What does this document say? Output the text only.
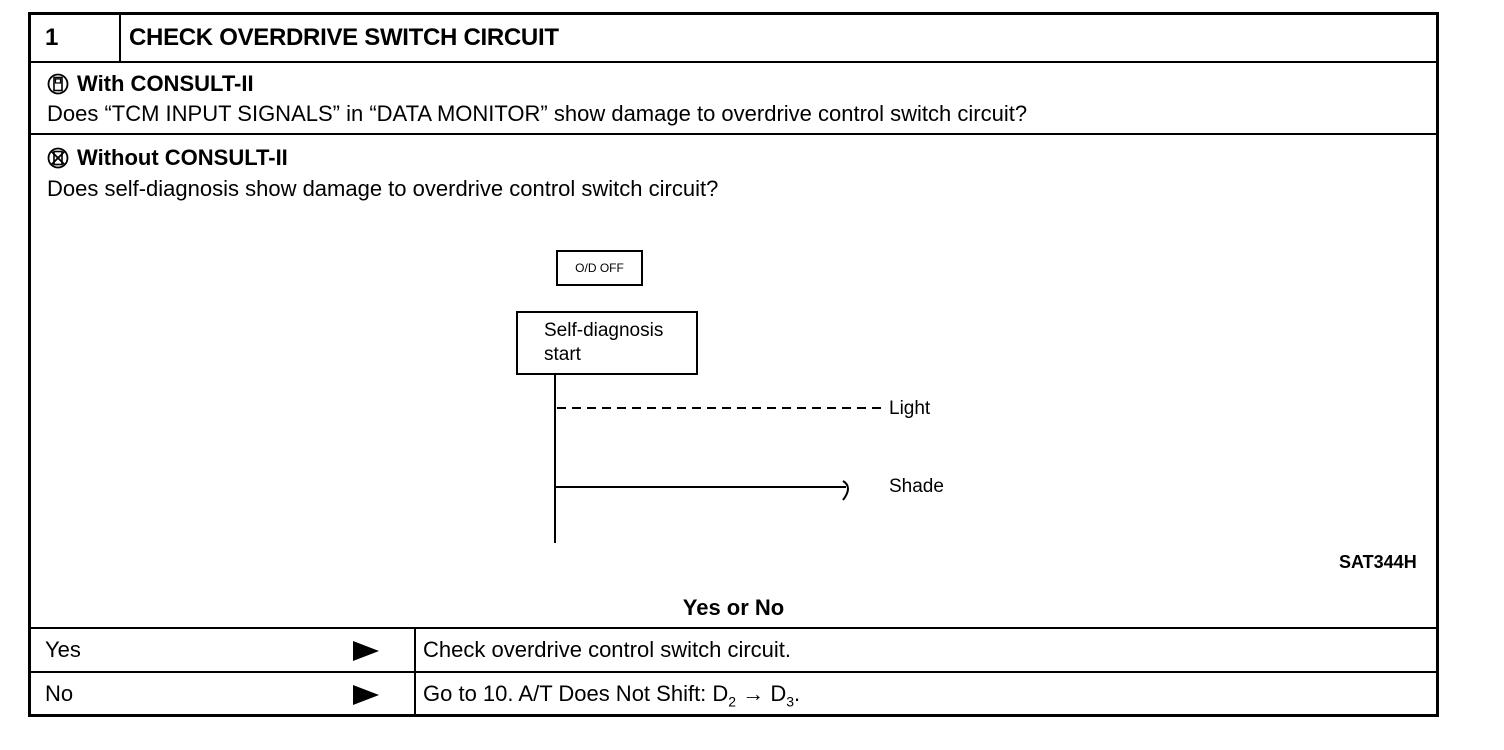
1	CHECK OVERDRIVE SWITCH CIRCUIT
With CONSULT-II
Does “TCM INPUT SIGNALS” in “DATA MONITOR” show damage to overdrive control switch circuit?
Without CONSULT-II
Does self-diagnosis show damage to overdrive control switch circuit?
O/D OFF
Self-diagnosis
start
Light
Shade
SAT344H
Yes or No
Yes	Check overdrive control switch circuit.
No	Go to 10. A/T Does Not Shift: $D_2 \to D_3$.
